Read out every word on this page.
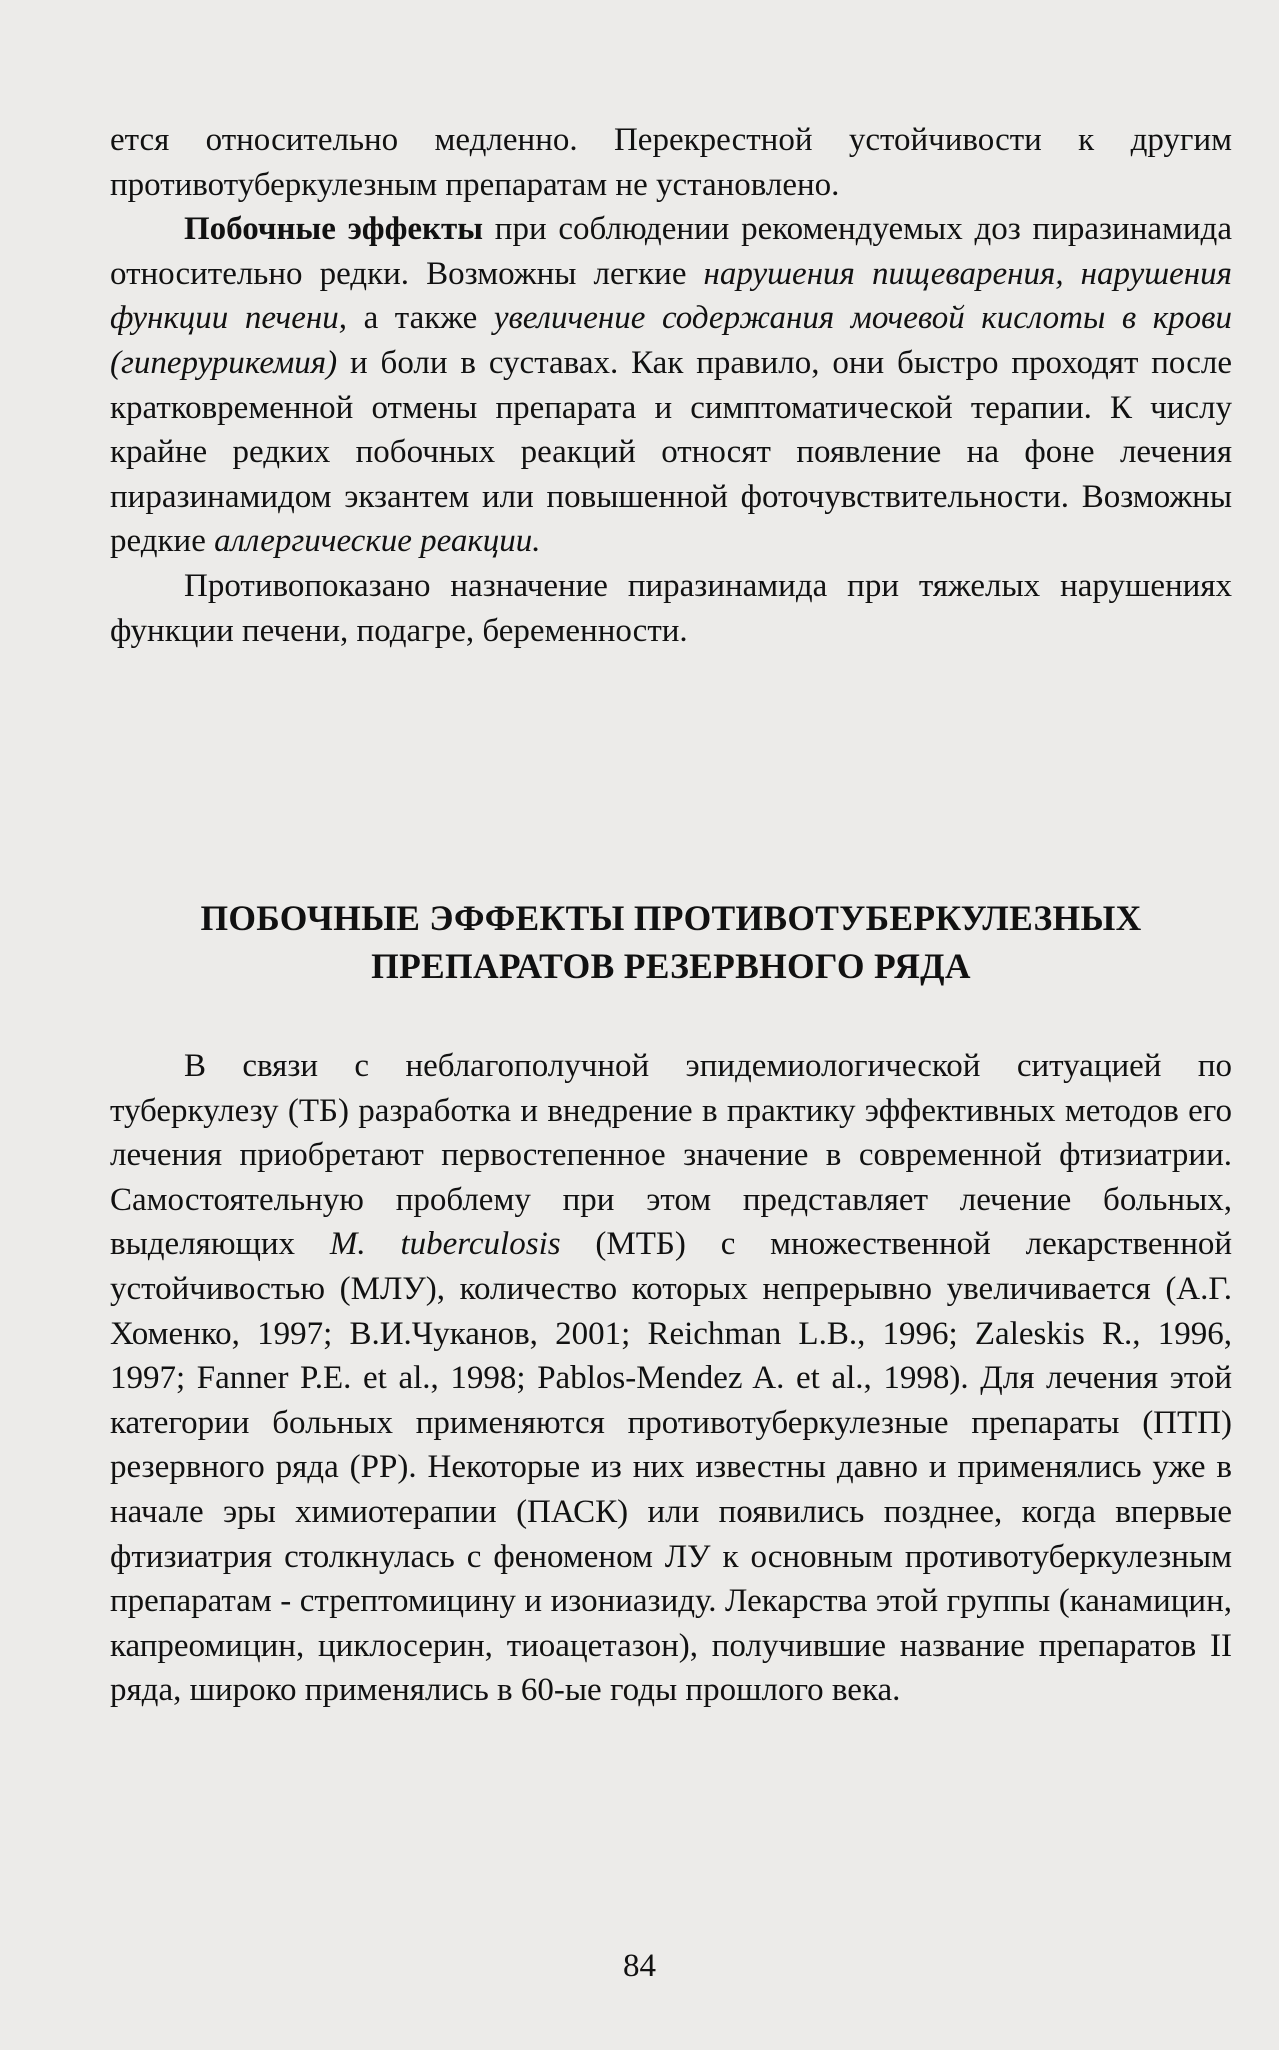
ется относительно медленно. Перекрестной устойчивости к другим противотуберкулезным препаратам не установлено.

Побочные эффекты при соблюдении рекомендуемых доз пиразинамида относительно редки. Возможны легкие нарушения пищеварения, нарушения функции печени, а также увеличение содержания мочевой кислоты в крови (гиперурикемия) и боли в суставах. Как правило, они быстро проходят после кратковременной отмены препарата и симптоматической терапии. К числу крайне редких побочных реакций относят появление на фоне лечения пиразинамидом экзантем или повышенной фоточувствительности. Возможны редкие аллергические реакции.

Противопоказано назначение пиразинамида при тяжелых нарушениях функции печени, подагре, беременности.

ПОБОЧНЫЕ ЭФФЕКТЫ ПРОТИВОТУБЕРКУЛЕЗНЫХ
ПРЕПАРАТОВ РЕЗЕРВНОГО РЯДА

В связи с неблагополучной эпидемиологической ситуацией по туберкулезу (ТБ) разработка и внедрение в практику эффективных методов его лечения приобретают первостепенное значение в современной фтизиатрии. Самостоятельную проблему при этом представляет лечение больных, выделяющих M. tuberculosis (МТБ) с множественной лекарственной устойчивостью (МЛУ), количество которых непрерывно увеличивается (А.Г. Хоменко, 1997; В.И.Чуканов, 2001; Reichman L.B., 1996; Zaleskis R., 1996, 1997; Fanner P.E. et al., 1998; Pablos-Mendez A. et al., 1998). Для лечения этой категории больных применяются противотуберкулезные препараты (ПТП) резервного ряда (РР). Некоторые из них известны давно и применялись уже в начале эры химиотерапии (ПАСК) или появились позднее, когда впервые фтизиатрия столкнулась с феноменом ЛУ к основным противотуберкулезным препаратам - стрептомицину и изониазиду. Лекарства этой группы (канамицин, капреомицин, циклосерин, тиоацетазон), получившие название препаратов II ряда, широко применялись в 60-ые годы прошлого века.

84
